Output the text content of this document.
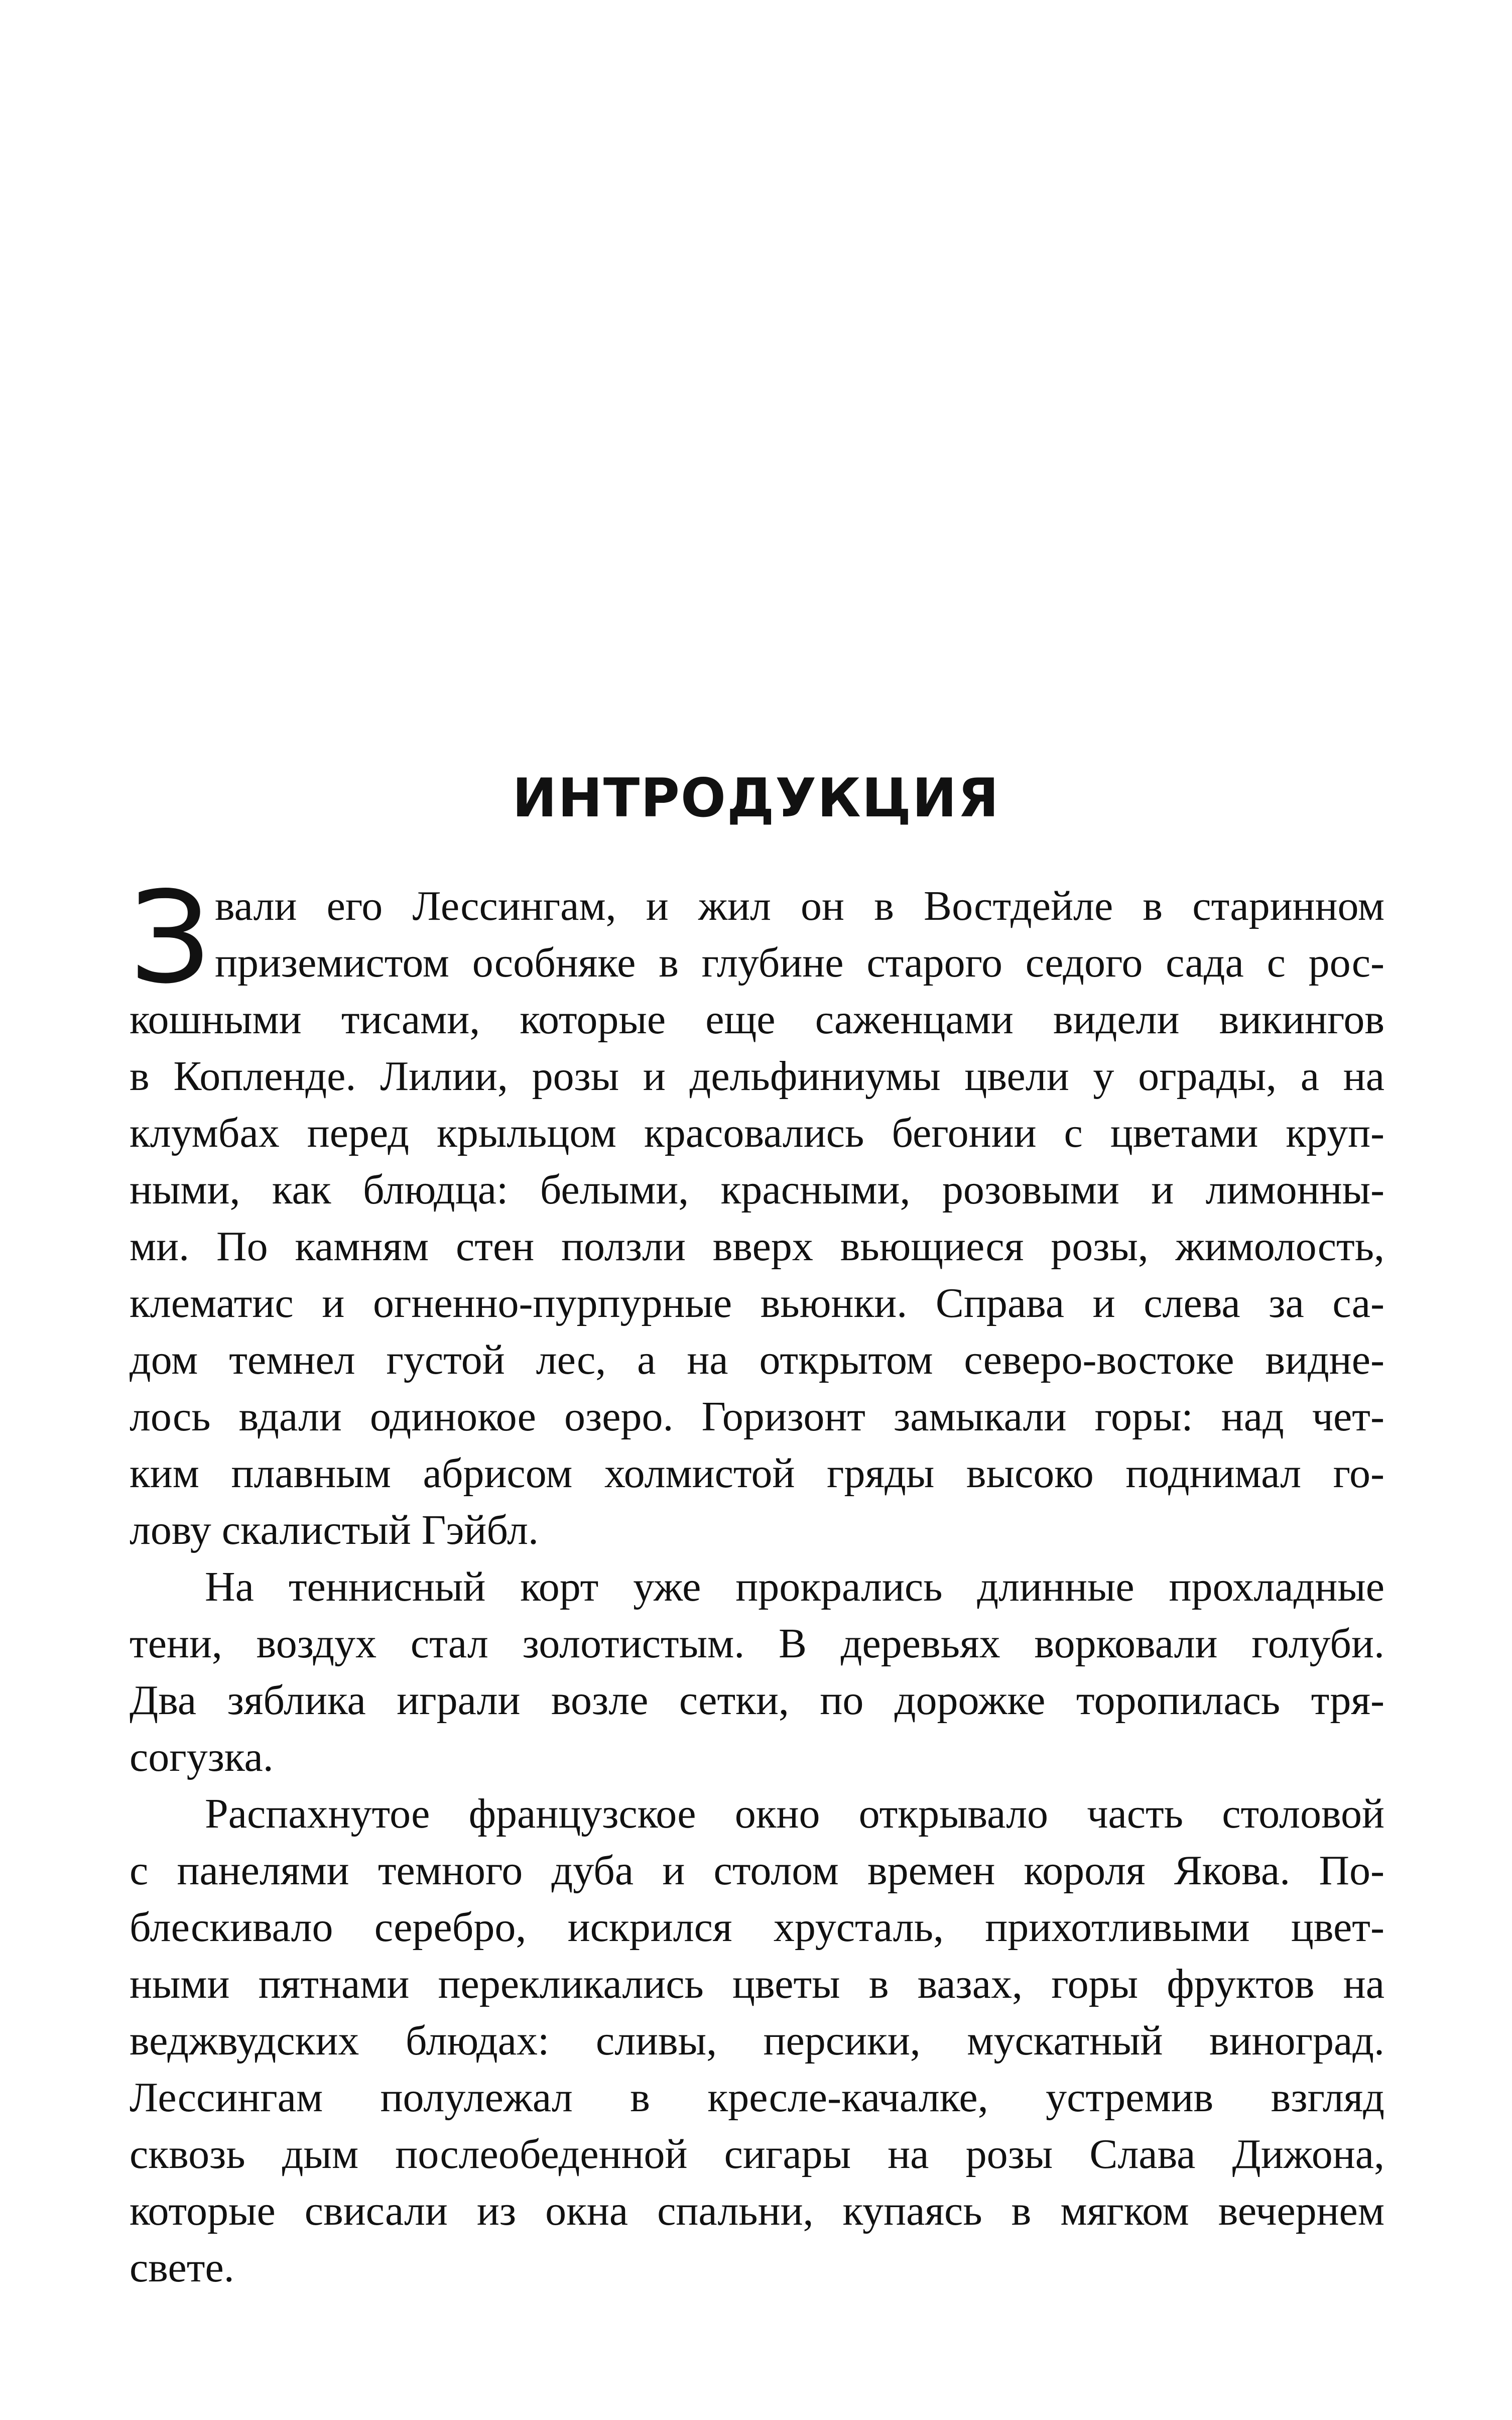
ИНТРОДУКЦИЯ
З вали его Лессингам, и жил он в Востдейле в старинном
приземистом особняке в глубине старого седого сада с рос-
кошными тисами, которые еще саженцами видели викингов
в Копленде. Лилии, розы и дельфиниумы цвели у ограды, а на
клумбах перед крыльцом красовались бегонии с цветами круп-
ными, как блюдца: белыми, красными, розовыми и лимонны-
ми. По камням стен ползли вверх вьющиеся розы, жимолость,
клематис и огненно-пурпурные вьюнки. Справа и слева за са-
дом темнел густой лес, а на открытом северо-востоке видне-
лось вдали одинокое озеро. Горизонт замыкали горы: над чет-
ким плавным абрисом холмистой гряды высоко поднимал го-
лову скалистый Гэйбл.
На теннисный корт уже прокрались длинные прохладные
тени, воздух стал золотистым. В деревьях ворковали голуби.
Два зяблика играли возле сетки, по дорожке торопилась тря-
согузка.
Распахнутое французское окно открывало часть столовой
с панелями темного дуба и столом времен короля Якова. По-
блескивало серебро, искрился хрусталь, прихотливыми цвет-
ными пятнами перекликались цветы в вазах, горы фруктов на
веджвудских блюдах: сливы, персики, мускатный виноград.
Лессингам полулежал в кресле-качалке, устремив взгляд
сквозь дым послеобеденной сигары на розы Слава Дижона,
которые свисали из окна спальни, купаясь в мягком вечернем
свете.
